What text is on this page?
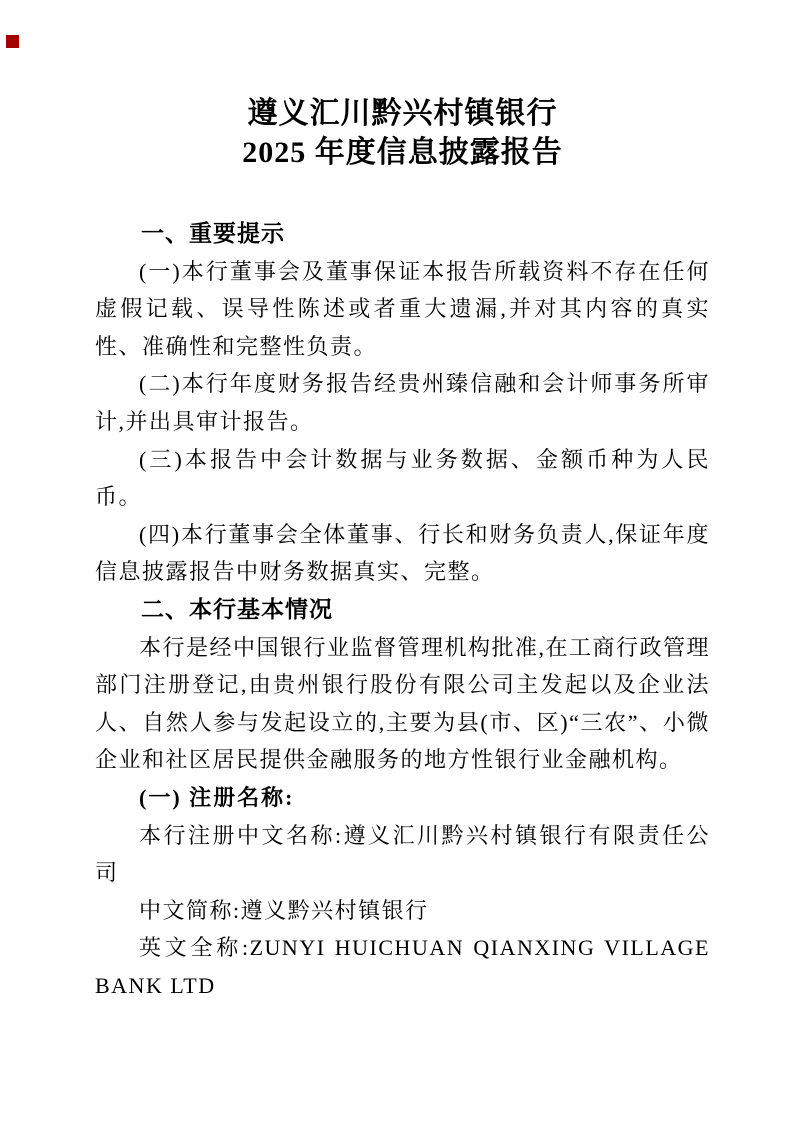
遵义汇川黔兴村镇银行
2025 年度信息披露报告
一、重要提示

(一)本行董事会及董事保证本报告所载资料不存在任何虚假记载、误导性陈述或者重大遗漏,并对其内容的真实性、准确性和完整性负责。

(二)本行年度财务报告经贵州臻信融和会计师事务所审计,并出具审计报告。

(三)本报告中会计数据与业务数据、金额币种为人民币。

(四)本行董事会全体董事、行长和财务负责人,保证年度信息披露报告中财务数据真实、完整。

二、本行基本情况

本行是经中国银行业监督管理机构批准,在工商行政管理部门注册登记,由贵州银行股份有限公司主发起以及企业法人、自然人参与发起设立的,主要为县(市、区)“三农”、小微企业和社区居民提供金融服务的地方性银行业金融机构。

(一) 注册名称:

本行注册中文名称:遵义汇川黔兴村镇银行有限责任公司

中文简称:遵义黔兴村镇银行

英文全称:ZUNYI HUICHUAN QIANXING VILLAGE BANK LTD
